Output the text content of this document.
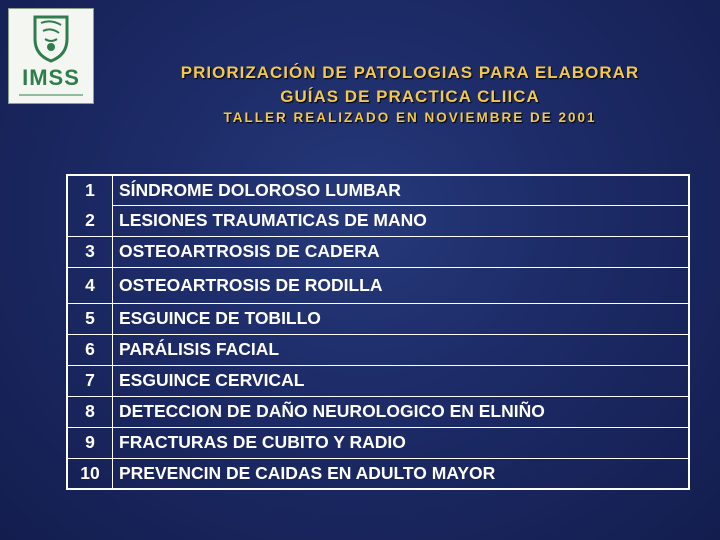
IMSS	PRIORIZACIÓN DE PATOLOGIAS PARA ELABORAR
GUÍAS DE PRACTICA CLIICA
TALLER REALIZADO EN NOVIEMBRE DE 2001
1	SÍNDROME DOLOROSO LUMBAR
2	LESIONES TRAUMATICAS DE MANO
3	OSTEOARTROSIS DE CADERA
4	OSTEOARTROSIS DE RODILLA
5	ESGUINCE DE TOBILLO
6	PARÁLISIS FACIAL
7	ESGUINCE CERVICAL
8	DETECCION DE DAÑO NEUROLOGICO EN ELNIÑO
9	FRACTURAS DE CUBITO Y RADIO
10	PREVENCIN DE CAIDAS EN ADULTO MAYOR
